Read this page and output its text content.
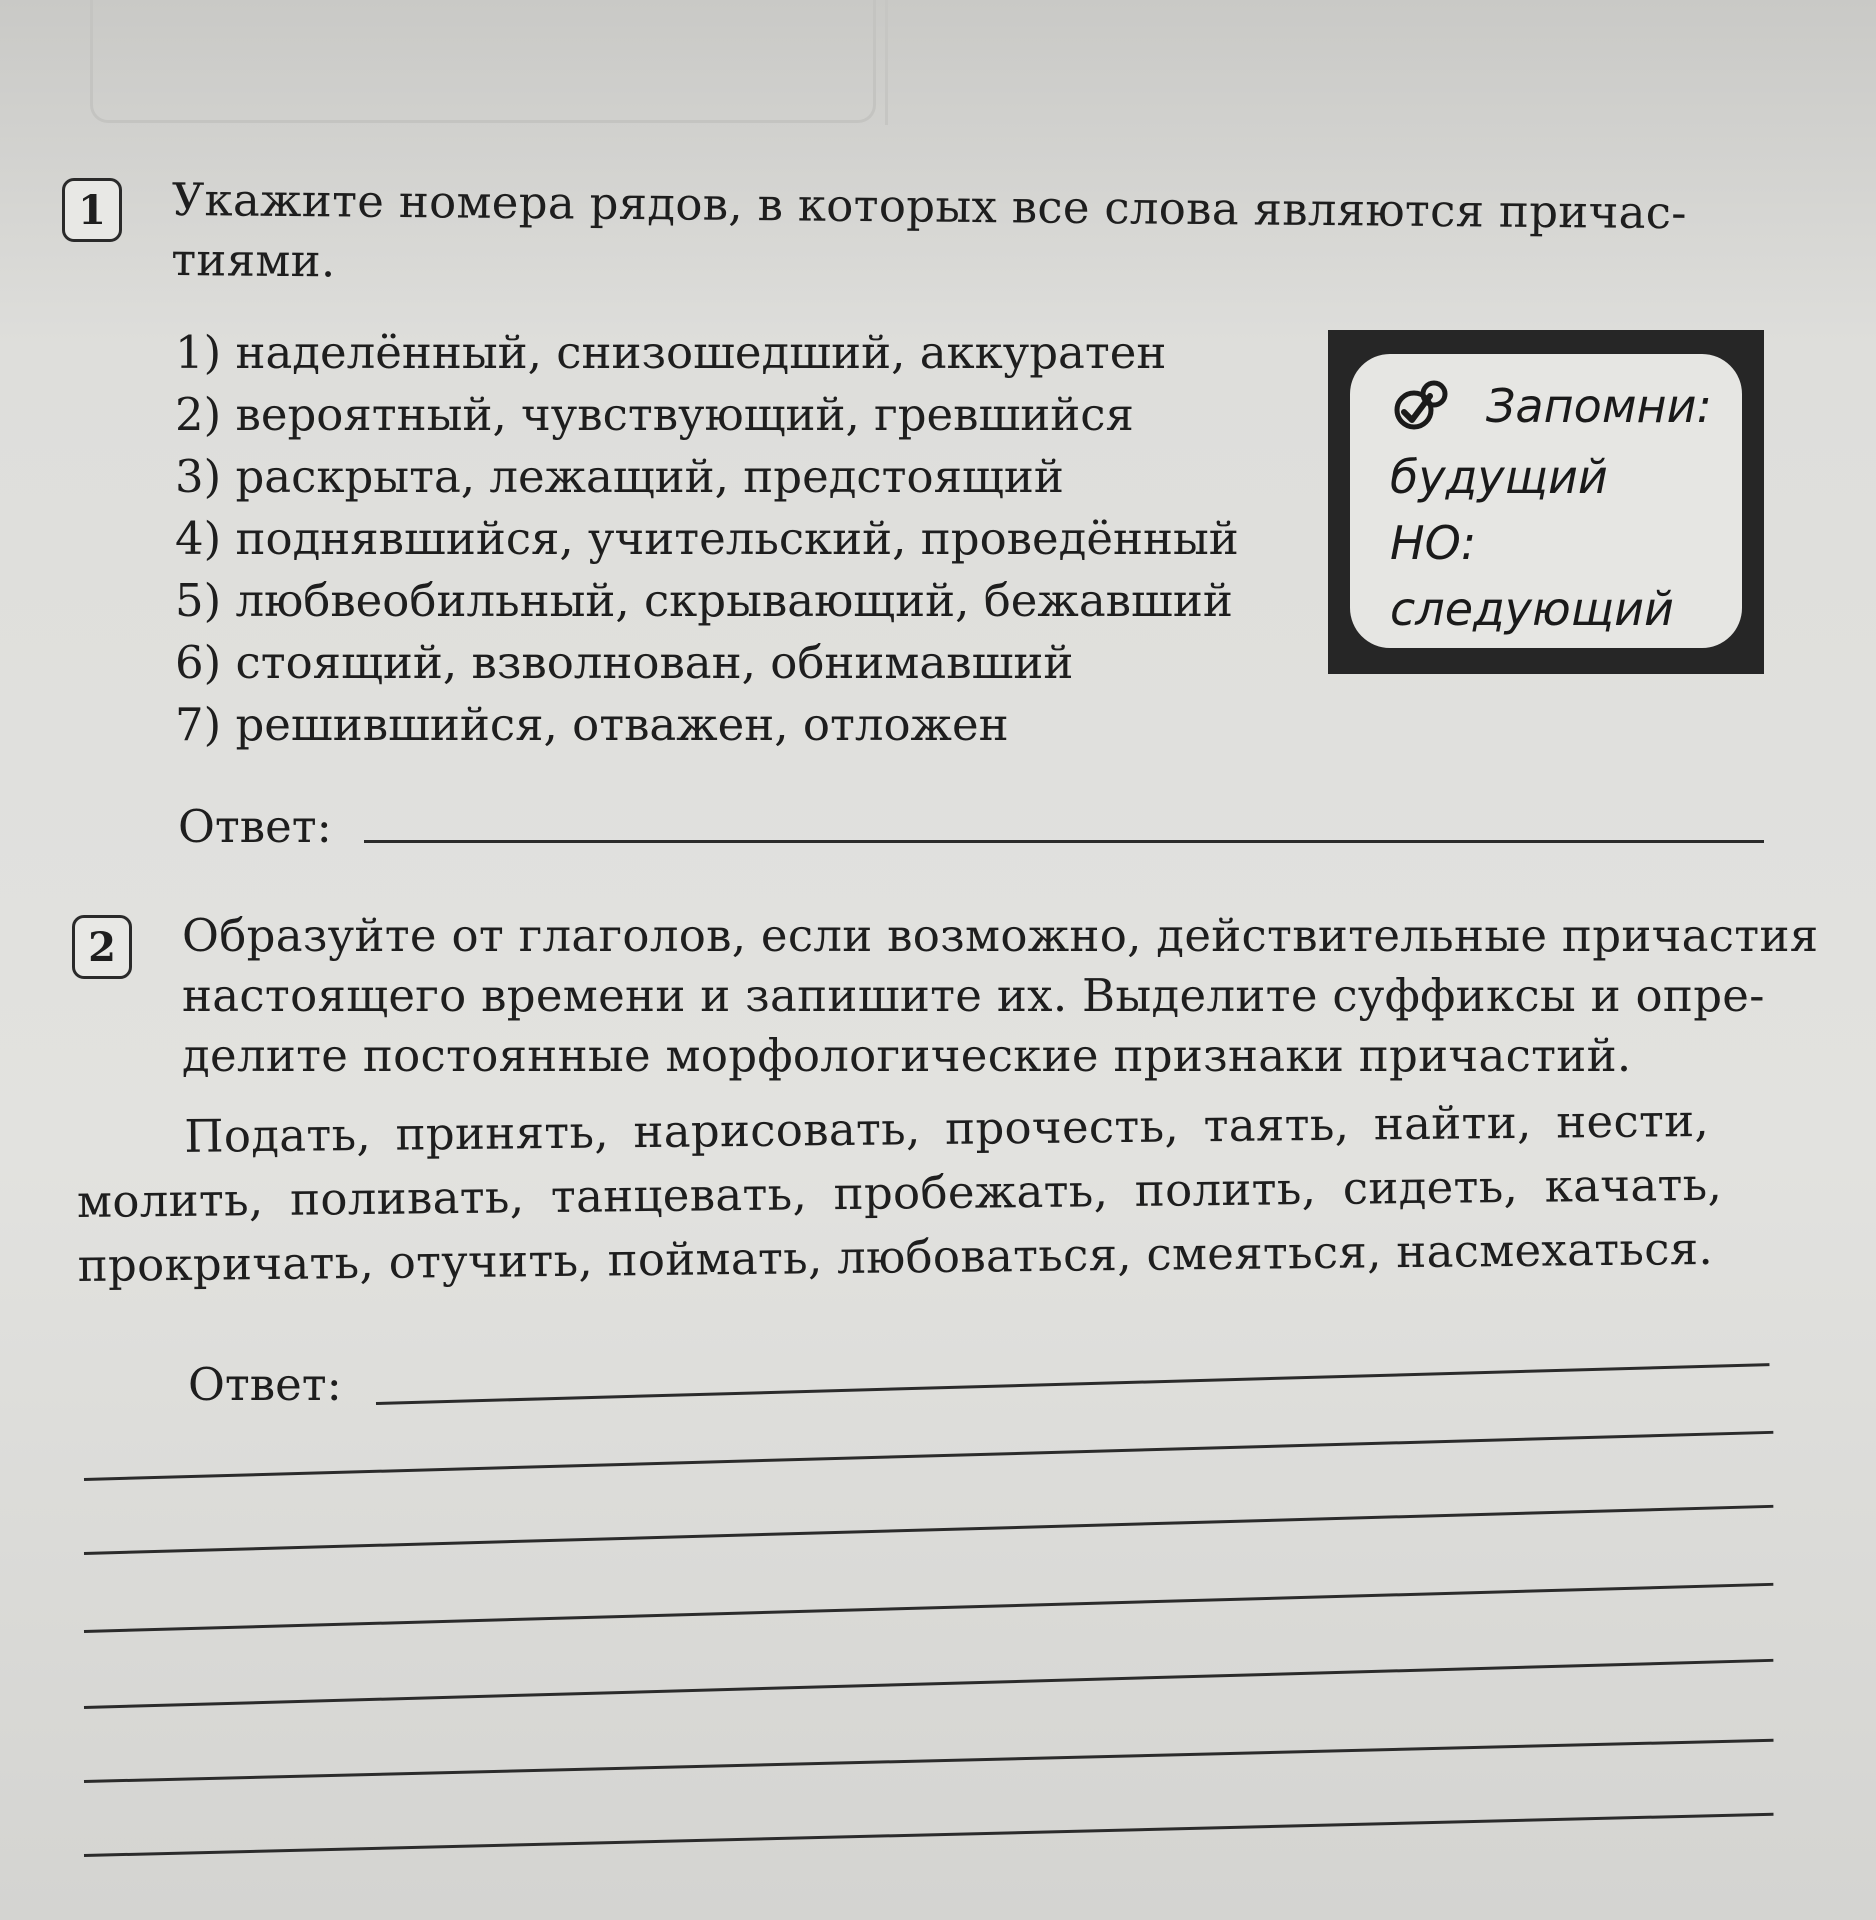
1	Укажите номера рядов, в которых все слова являются причас-
тиями.
1) наделённый, снизошедший, аккуратен
2) вероятный, чувствующий, гревшийся
3) раскрыта, лежащий, предстоящий
4) поднявшийся, учительский, проведённый
5) любвеобильный, скрывающий, бежавший
6) стоящий, взволнован, обнимавший
7) решившийся, отважен, отложен
Ответ:
Запомни:
будущий
НО:
следующий
2	Образуйте от глаголов, если возможно, действительные причастия
настоящего времени и запишите их. Выделите суффиксы и опре-
делите постоянные морфологические признаки причастий.
Подать, принять, нарисовать, прочесть, таять, найти, нести,
молить, поливать, танцевать, пробежать, полить, сидеть, качать,
прокричать, отучить, поймать, любоваться, смеяться, насмехаться.
Ответ:
